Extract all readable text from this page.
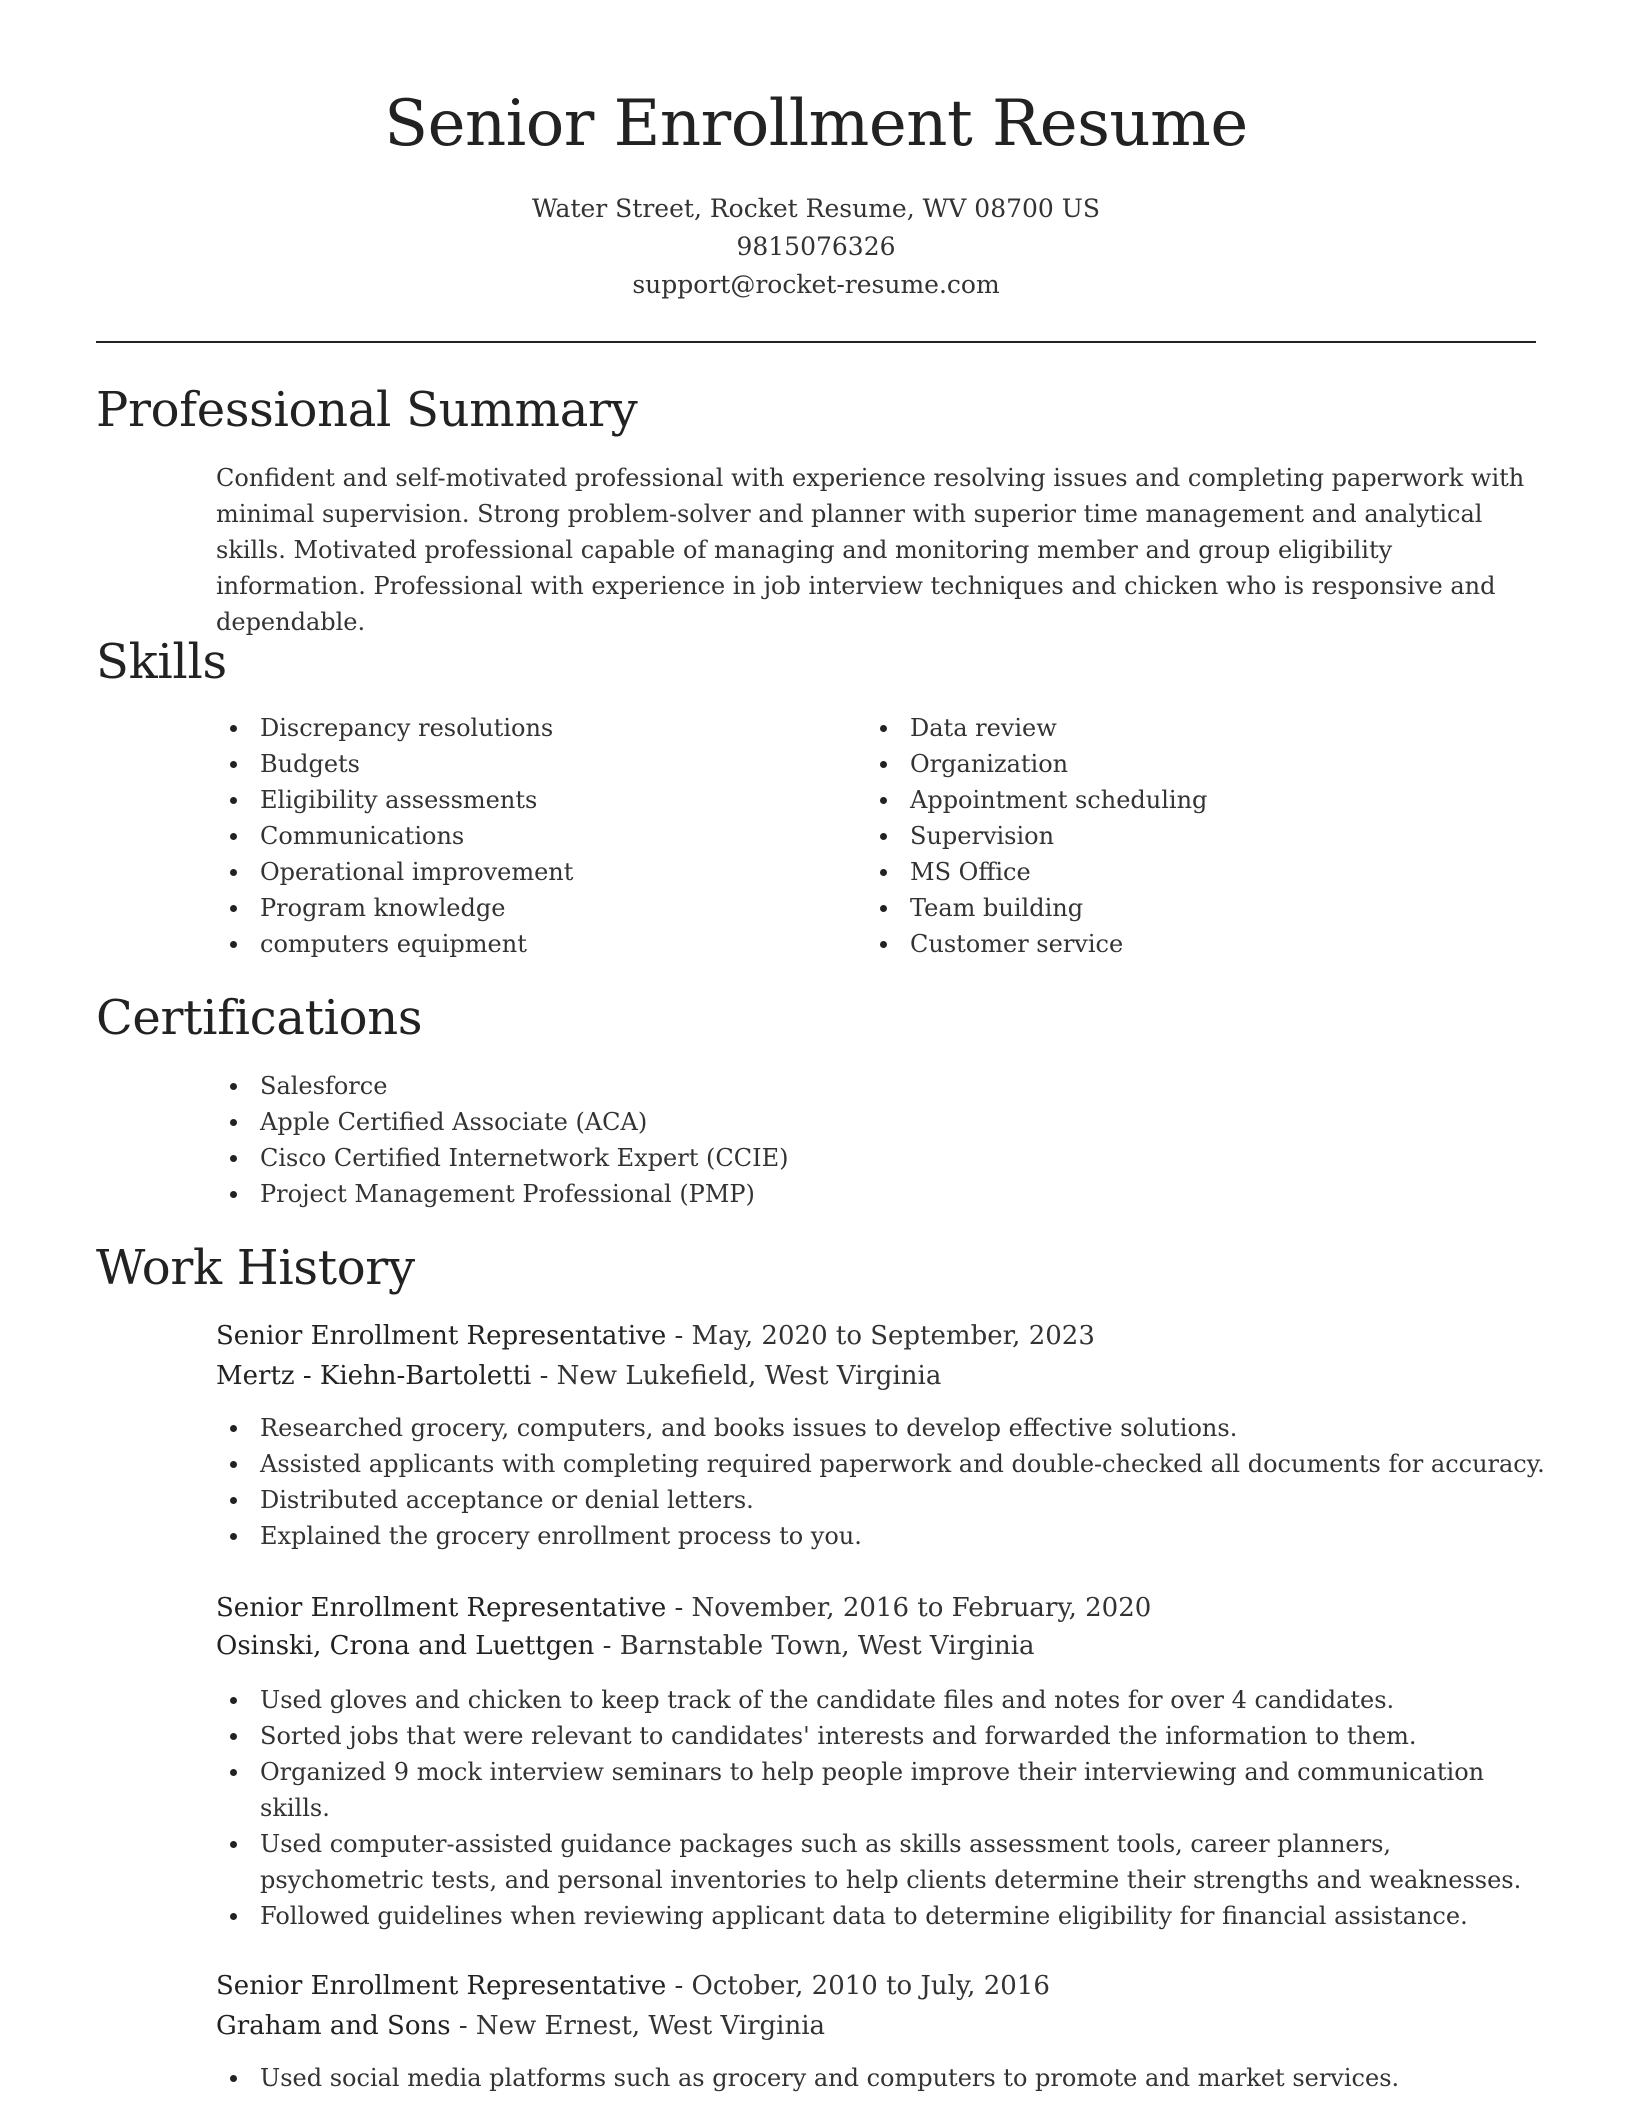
Senior Enrollment Resume
Water Street, Rocket Resume, WV 08700 US
9815076326
support@rocket-resume.com
Professional Summary

Confident and self-motivated professional with experience resolving issues and completing paperwork with minimal supervision. Strong problem-solver and planner with superior time management and analytical skills. Motivated professional capable of managing and monitoring member and group eligibility information. Professional with experience in job interview techniques and chicken who is responsive and dependable.

Skills
Discrepancy resolutions
Budgets
Eligibility assessments
Communications
Operational improvement
Program knowledge
computers equipment
Data review
Organization
Appointment scheduling
Supervision
MS Office
Team building
Customer service
Certifications
Salesforce
Apple Certified Associate (ACA)
Cisco Certified Internetwork Expert (CCIE)
Project Management Professional (PMP)
Work History
Senior Enrollment Representative - May, 2020 to September, 2023
Mertz - Kiehn-Bartoletti - New Lukefield, West Virginia
Researched grocery, computers, and books issues to develop effective solutions.
Assisted applicants with completing required paperwork and double-checked all documents for accuracy.
Distributed acceptance or denial letters.
Explained the grocery enrollment process to you.
Senior Enrollment Representative - November, 2016 to February, 2020
Osinski, Crona and Luettgen - Barnstable Town, West Virginia
Used gloves and chicken to keep track of the candidate files and notes for over 4 candidates.
Sorted jobs that were relevant to candidates' interests and forwarded the information to them.
Organized 9 mock interview seminars to help people improve their interviewing and communication skills.
Used computer-assisted guidance packages such as skills assessment tools, career planners, psychometric tests, and personal inventories to help clients determine their strengths and weaknesses.
Followed guidelines when reviewing applicant data to determine eligibility for financial assistance.
Senior Enrollment Representative - October, 2010 to July, 2016
Graham and Sons - New Ernest, West Virginia
Used social media platforms such as grocery and computers to promote and market services.
